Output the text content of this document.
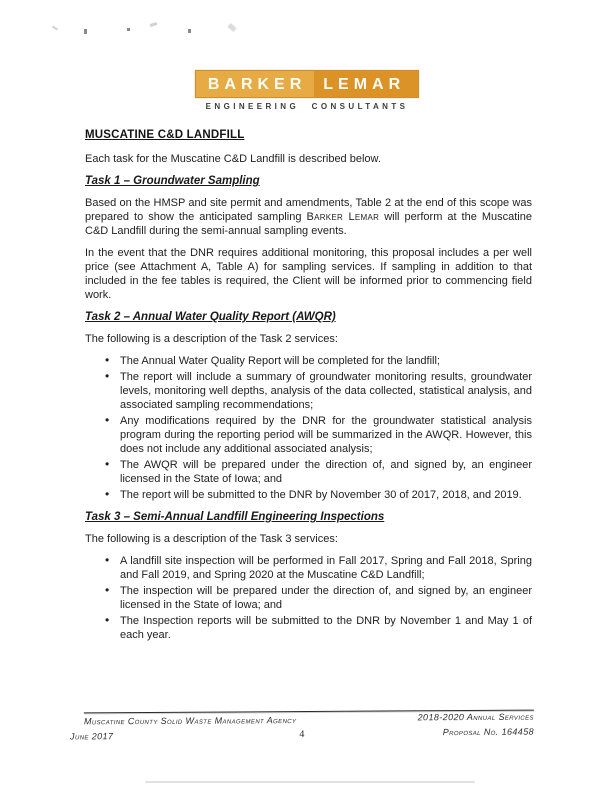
BARKER	LEMAR
ENGINEERING CONSULTANTS
MUSCATINE C&D LANDFILL

Each task for the Muscatine C&D Landfill is described below.

Task 1 – Groundwater Sampling

Based on the HMSP and site permit and amendments, Table 2 at the end of this scope was prepared to show the anticipated sampling Barker Lemar will perform at the Muscatine C&D Landfill during the semi-annual sampling events.

In the event that the DNR requires additional monitoring, this proposal includes a per well price (see Attachment A, Table A) for sampling services. If sampling in addition to that included in the fee tables is required, the Client will be informed prior to commencing field work.

Task 2 – Annual Water Quality Report (AWQR)

The following is a description of the Task 2 services:

• The Annual Water Quality Report will be completed for the landfill;
• The report will include a summary of groundwater monitoring results, groundwater levels, monitoring well depths, analysis of the data collected, statistical analysis, and associated sampling recommendations;
• Any modifications required by the DNR for the groundwater statistical analysis program during the reporting period will be summarized in the AWQR. However, this does not include any additional associated analysis;
• The AWQR will be prepared under the direction of, and signed by, an engineer licensed in the State of Iowa; and
• The report will be submitted to the DNR by November 30 of 2017, 2018, and 2019.
Task 3 – Semi-Annual Landfill Engineering Inspections

The following is a description of the Task 3 services:

• A landfill site inspection will be performed in Fall 2017, Spring and Fall 2018, Spring and Fall 2019, and Spring 2020 at the Muscatine C&D Landfill;
• The inspection will be prepared under the direction of, and signed by, an engineer licensed in the State of Iowa; and
• The Inspection reports will be submitted to the DNR by November 1 and May 1 of each year.
Muscatine County Solid Waste Management Agency
June 2017	4
2018-2020 Annual Services
Proposal No. 164458
